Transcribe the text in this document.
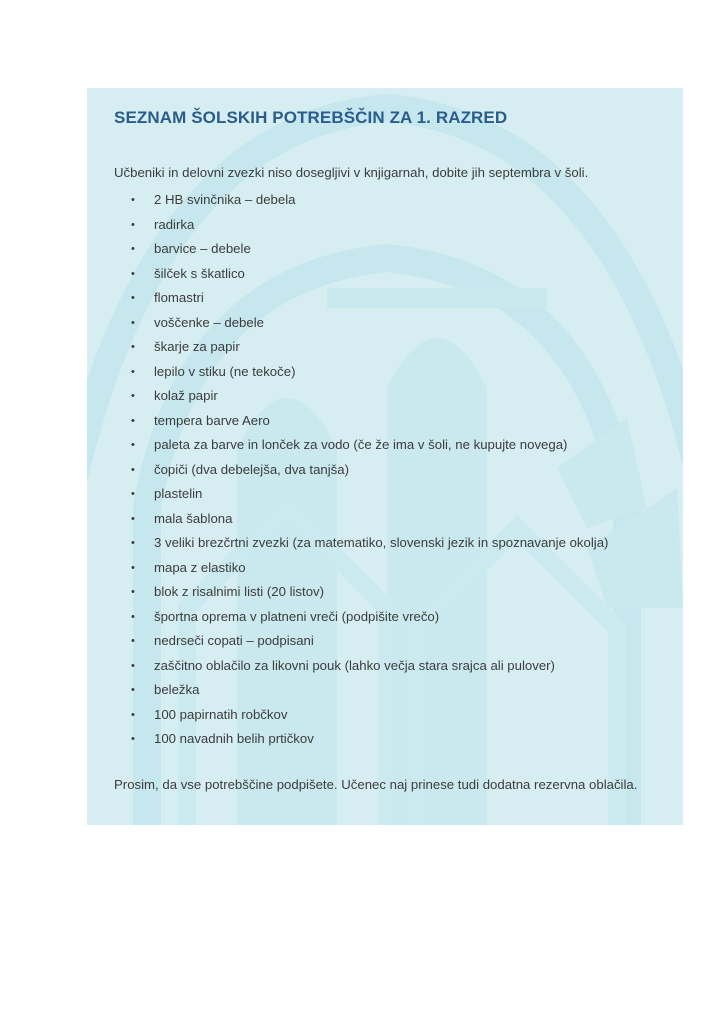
SEZNAM ŠOLSKIH POTREBŠČIN ZA 1. RAZRED
Učbeniki in delovni zvezki niso dosegljivi v knjigarnah, dobite jih septembra v šoli.
• 2 HB svinčnika – debela
• radirka
• barvice – debele
• šilček s škatlico
• flomastri
• voščenke – debele
• škarje za papir
• lepilo v stiku (ne tekoče)
• kolaž papir
• tempera barve Aero
• paleta za barve in lonček za vodo (če že ima v šoli, ne kupujte novega)
• čopiči (dva debelejša, dva tanjša)
• plastelin
• mala šablona
• 3 veliki brezčrtni zvezki (za matematiko, slovenski jezik in spoznavanje okolja)
• mapa z elastiko
• blok z risalnimi listi (20 listov)
• športna oprema v platneni vreči (podpišite vrečo)
• nedrseči copati – podpisani
• zaščitno oblačilo za likovni pouk (lahko večja stara srajca ali pulover)
• beležka
• 100 papirnatih robčkov
• 100 navadnih belih prtičkov
Prosim, da vse potrebščine podpišete. Učenec naj prinese tudi dodatna rezervna oblačila.
